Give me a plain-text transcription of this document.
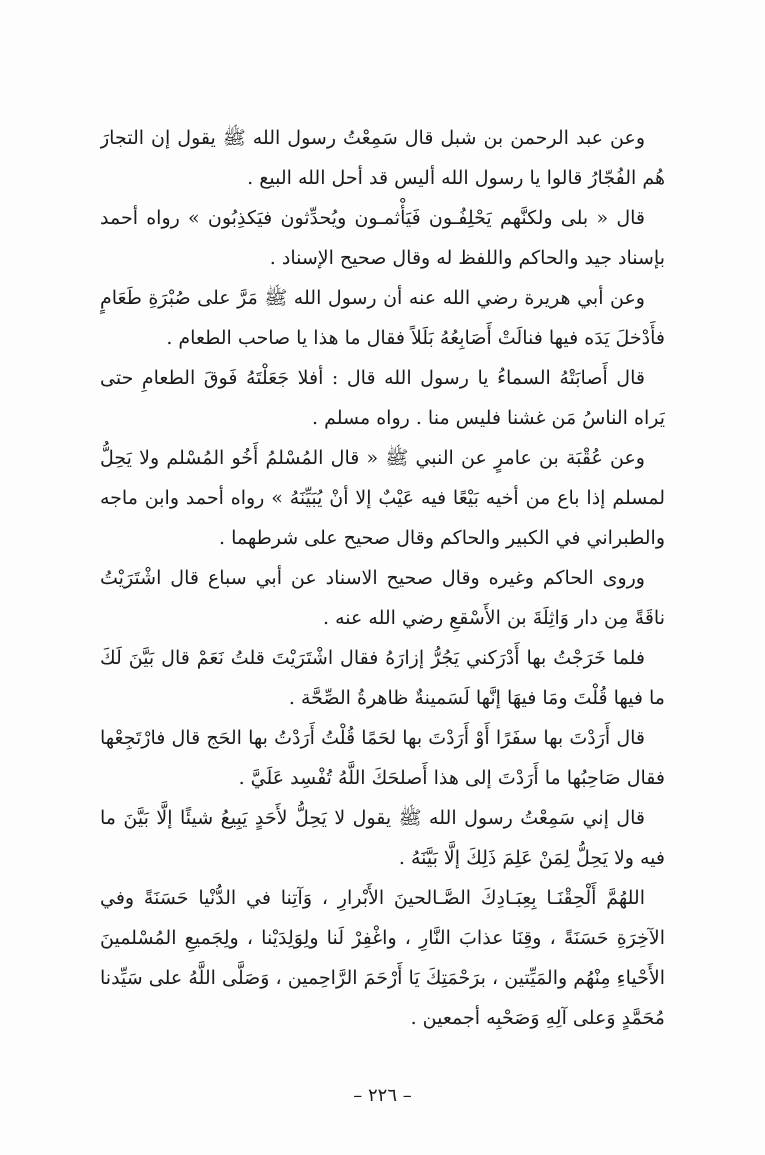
وعن عبد الرحمن بن شبل قال سَمِعْتُ رسول الله ﷺ يقول إن التجارَ
هُم الفُجّارُ قالوا يا رسول الله أليس قد أحل الله البيع .
قال « بلى ولكنَّهم يَحْلِفُـون فَيَأْثمـون ويُحدِّثون فيَكذِبُون » رواه أحمد
بإسناد جيد والحاكم واللفظ له وقال صحيح الإسناد .
وعن أبي هريرة رضي الله عنه أن رسول الله ﷺ مَرَّ على صُبْرَةِ طَعَامٍ
فأَدْخلَ يَدَه فيها فنالَتْ أَصَابِعُهُ بَلَلاً فقال ما هذا يا صاحب الطعام .
قال أَصابَتْهُ السماءُ يا رسول الله قال : أفلا جَعَلْتَهُ فَوقَ الطعامِ حتى
يَراه الناسُ مَن غشنا فليس منا . رواه مسلم .
وعن عُقْبَة بن عامرٍ عن النبي ﷺ « قال المُسْلمُ أَخُو المُسْلم ولا يَحِلُّ
لمسلم إذا باع من أخيه بَيْعًا فيه عَيْبٌ إلا أنْ يُبَيِّنَهُ » رواه أحمد وابن ماجه
والطبراني في الكبير والحاكم وقال صحيح على شرطهما .
وروى الحاكم وغيره وقال صحيح الاسناد عن أبي سباع قال اشْتَرَيْتُ
ناقَةً مِن دار وَاثِلَةَ بن الأَسْقعِ رضي الله عنه .
فلما خَرَجْتُ بها أَدْرَكني يَجُرُّ إزارَهُ فقال اشْتَرَيْتَ قلتُ نَعَمْ قال بَيَّنَ لَكَ
ما فيها قُلْتَ ومَا فيهَا إنَّها لَسَمينةٌ ظاهرةُ الصِّحَّة .
قال أَرَدْتَ بها سفَرًا أَوْ أَرَدْتَ بها لحَمًا قُلْتُ أَرَدْتُ بها الحَج قال فارْتَجِعْها
فقال صَاحِبُها ما أَرَدْتَ إلى هذا أَصلحَكَ اللَّهُ تُفْسِد عَلَيَّ .
قال إني سَمِعْتُ رسول الله ﷺ يقول لا يَحِلُّ لأَحَدٍ يَبِيعُ شيئًا إلَّا بَيَّنَ ما
فيه ولا يَحِلُّ لِمَنْ عَلِمَ ذَلِكَ إلَّا بَيَّنَهُ .
اللهُمَّ أَلْحِقْنَـا بِعِبَـادِكَ الصَّـالحينَ الأَبْرارِ ، وَآتِنا في الدُّنْيا حَسَنَةً وفي
الآخِرَةِ حَسَنَةً ، وقِنَا عذابَ النَّارِ ، واغْفِرْ لَنا ولِوَلِدَيْنا ، ولِجَميعِ المُسْلمينَ
الأَحْياءِ مِنْهُم والمَيِّتين ، برَحْمَتِكَ يَا أَرْحَمَ الرَّاحِمين ، وَصَلَّى اللَّهُ على سَيِّدنا
مُحَمَّدٍ وَعلى آلِهِ وَصَحْبِه أجمعين .
– ٢٢٦ –
